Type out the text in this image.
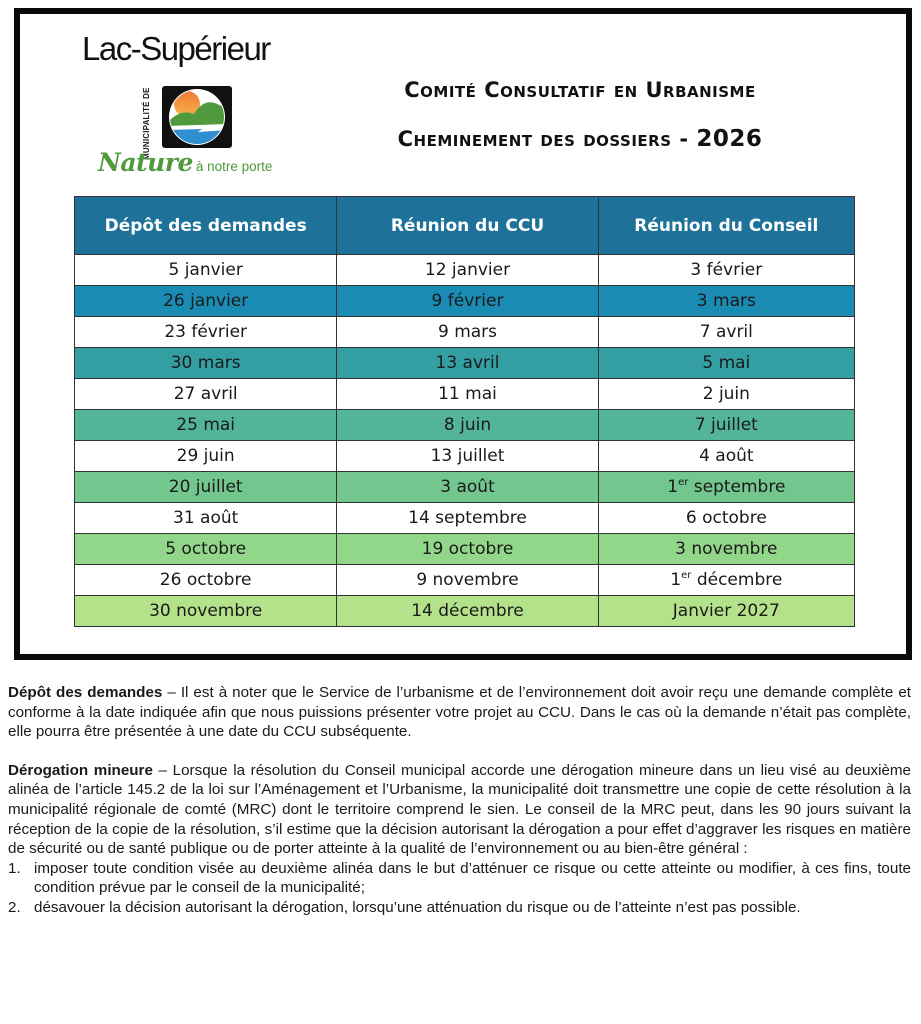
Lac-Supérieur
MUNICIPALITÉ DE
Nature à notre porte
Comité Consultatif en Urbanisme
Cheminement des dossiers - 2026
Dépôt des demandes	Réunion du CCU	Réunion du Conseil
5 janvier	12 janvier	3 février
26 janvier	9 février	3 mars
23 février	9 mars	7 avril
30 mars	13 avril	5 mai
27 avril	11 mai	2 juin
25 mai	8 juin	7 juillet
29 juin	13 juillet	4 août
20 juillet	3 août	1er septembre
31 août	14 septembre	6 octobre
5 octobre	19 octobre	3 novembre
26 octobre	9 novembre	1er décembre
30 novembre	14 décembre	Janvier 2027

Dépôt des demandes – Il est à noter que le Service de l’urbanisme et de l’environnement doit avoir reçu une demande complète et conforme à la date indiquée afin que nous puissions présenter votre projet au CCU. Dans le cas où la demande n’était pas complète, elle pourra être présentée à une date du CCU subséquente.

Dérogation mineure – Lorsque la résolution du Conseil municipal accorde une dérogation mineure dans un lieu visé au deuxième alinéa de l’article 145.2 de la loi sur l’Aménagement et l’Urbanisme, la municipalité doit transmettre une copie de cette résolution à la municipalité régionale de comté (MRC) dont le territoire comprend le sien. Le conseil de la MRC peut, dans les 90 jours suivant la réception de la copie de la résolution, s’il estime que la décision autorisant la dérogation a pour effet d’aggraver les risques en matière de sécurité ou de santé publique ou de porter atteinte à la qualité de l’environnement ou au bien-être général :

1. imposer toute condition visée au deuxième alinéa dans le but d’atténuer ce risque ou cette atteinte ou modifier, à ces fins, toute condition prévue par le conseil de la municipalité;
2. désavouer la décision autorisant la dérogation, lorsqu’une atténuation du risque ou de l’atteinte n’est pas possible.
